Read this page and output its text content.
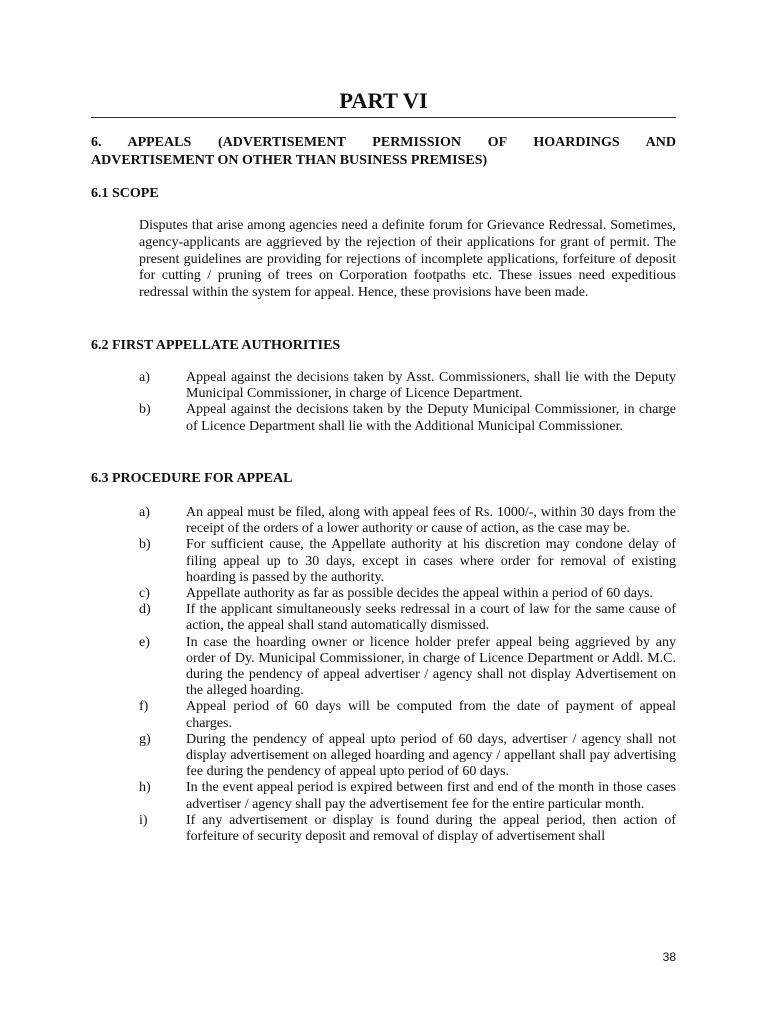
PART VI
6. APPEALS (ADVERTISEMENT PERMISSION OF HOARDINGS AND
ADVERTISEMENT ON OTHER THAN BUSINESS PREMISES)
6.1 SCOPE
Disputes that arise among agencies need a definite forum for Grievance Redressal. Sometimes, agency-applicants are aggrieved by the rejection of their applications for grant of permit. The present guidelines are providing for rejections of incomplete applications, forfeiture of deposit for cutting / pruning of trees on Corporation footpaths etc. These issues need expeditious redressal within the system for appeal. Hence, these provisions have been made.
6.2 FIRST APPELLATE AUTHORITIES
a)	Appeal against the decisions taken by Asst. Commissioners, shall lie with the Deputy Municipal Commissioner, in charge of Licence Department.
b)	Appeal against the decisions taken by the Deputy Municipal Commissioner, in charge of Licence Department shall lie with the Additional Municipal Commissioner.
6.3 PROCEDURE FOR APPEAL
a)	An appeal must be filed, along with appeal fees of Rs. 1000/-, within 30 days from the receipt of the orders of a lower authority or cause of action, as the case may be.
b)	For sufficient cause, the Appellate authority at his discretion may condone delay of filing appeal up to 30 days, except in cases where order for removal of existing hoarding is passed by the authority.
c)	Appellate authority as far as possible decides the appeal within a period of 60 days.
d)	If the applicant simultaneously seeks redressal in a court of law for the same cause of action, the appeal shall stand automatically dismissed.
e)	In case the hoarding owner or licence holder prefer appeal being aggrieved by any order of Dy. Municipal Commissioner, in charge of Licence Department or Addl. M.C. during the pendency of appeal advertiser / agency shall not display Advertisement on the alleged hoarding.
f)	Appeal period of 60 days will be computed from the date of payment of appeal charges.
g)	During the pendency of appeal upto period of 60 days, advertiser / agency shall not display advertisement on alleged hoarding and agency / appellant shall pay advertising fee during the pendency of appeal upto period of 60 days.
h)	In the event appeal period is expired between first and end of the month in those cases advertiser / agency shall pay the advertisement fee for the entire particular month.
i)	If any advertisement or display is found during the appeal period, then action of forfeiture of security deposit and removal of display of advertisement shall
38
